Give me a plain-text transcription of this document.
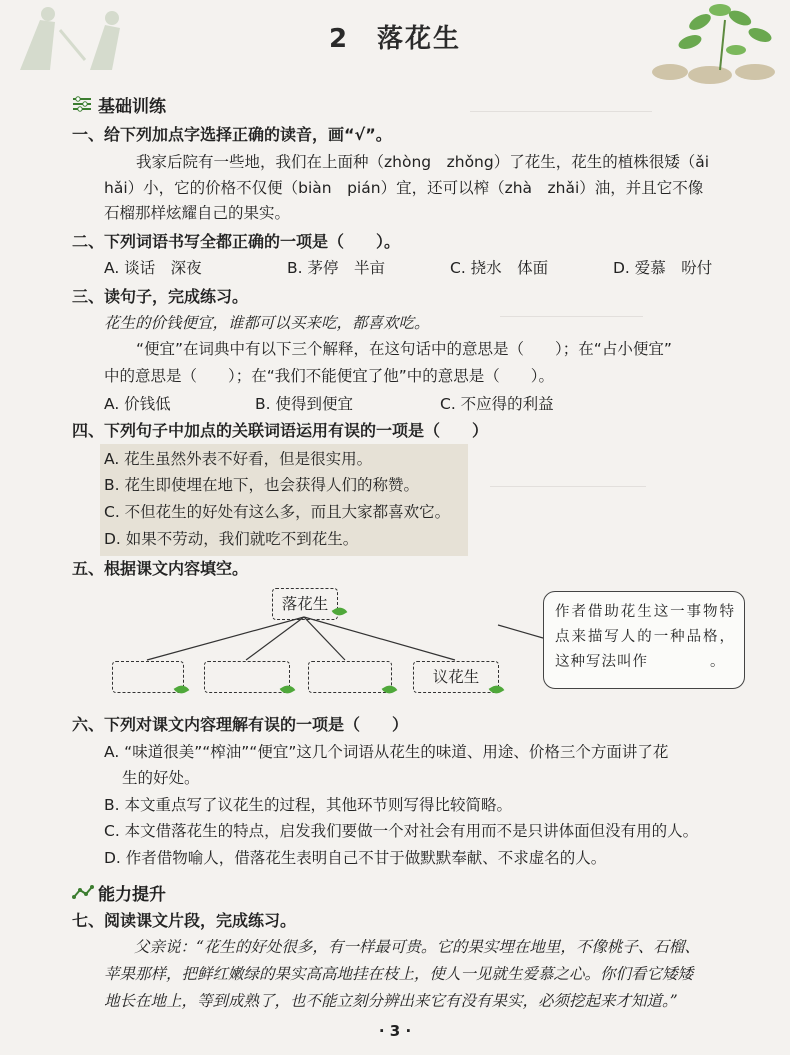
＿＿＿＿＿＿＿＿＿＿＿＿＿＿
＿＿＿＿＿＿＿＿＿＿＿
＿＿＿＿＿＿＿＿＿＿＿＿
2 落花生
基础训练
一、给下列加点字选择正确的读音，画“√”。
我家后院有一些地，我们在上面种（zhòng　zhǒng）了花生，花生的植株很矮（ǎi
hǎi）小，它的价格不仅便（biàn　pián）宜，还可以榨（zhà　zhǎi）油，并且它不像
石榴那样炫耀自己的果实。
二、下列词语书写全都正确的一项是（　　）。
A. 谈话　深夜	B. 茅停　半亩	C. 挠水　体面	D. 爱慕　吩付
三、读句子，完成练习。
花生的价钱便宜，谁都可以买来吃，都喜欢吃。
“便宜”在词典中有以下三个解释，在这句话中的意思是（　　）；在“占小便宜”
中的意思是（　　）；在“我们不能便宜了他”中的意思是（　　）。
A. 价钱低	B. 使得到便宜	C. 不应得的利益
四、下列句子中加点的关联词语运用有误的一项是（　　）
A. 花生虽然外表不好看，但是很实用。
B. 花生即使埋在地下，也会获得人们的称赞。
C. 不但花生的好处有这么多，而且大家都喜欢它。
D. 如果不劳动，我们就吃不到花生。
五、根据课文内容填空。
落花生
议花生
作者借助花生这一事物特点来描写人的一种品格，这种写法叫作　　　　。
六、下列对课文内容理解有误的一项是（　　）
A. “味道很美”“榨油”“便宜”这几个词语从花生的味道、用途、价格三个方面讲了花
生的好处。
B. 本文重点写了议花生的过程，其他环节则写得比较简略。
C. 本文借落花生的特点，启发我们要做一个对社会有用而不是只讲体面但没有用的人。
D. 作者借物喻人，借落花生表明自己不甘于做默默奉献、不求虚名的人。
能力提升
七、阅读课文片段，完成练习。
父亲说：“花生的好处很多，有一样最可贵。它的果实埋在地里，不像桃子、石榴、
苹果那样，把鲜红嫩绿的果实高高地挂在枝上，使人一见就生爱慕之心。你们看它矮矮
地长在地上，等到成熟了，也不能立刻分辨出来它有没有果实，必须挖起来才知道。”
· 3 ·
